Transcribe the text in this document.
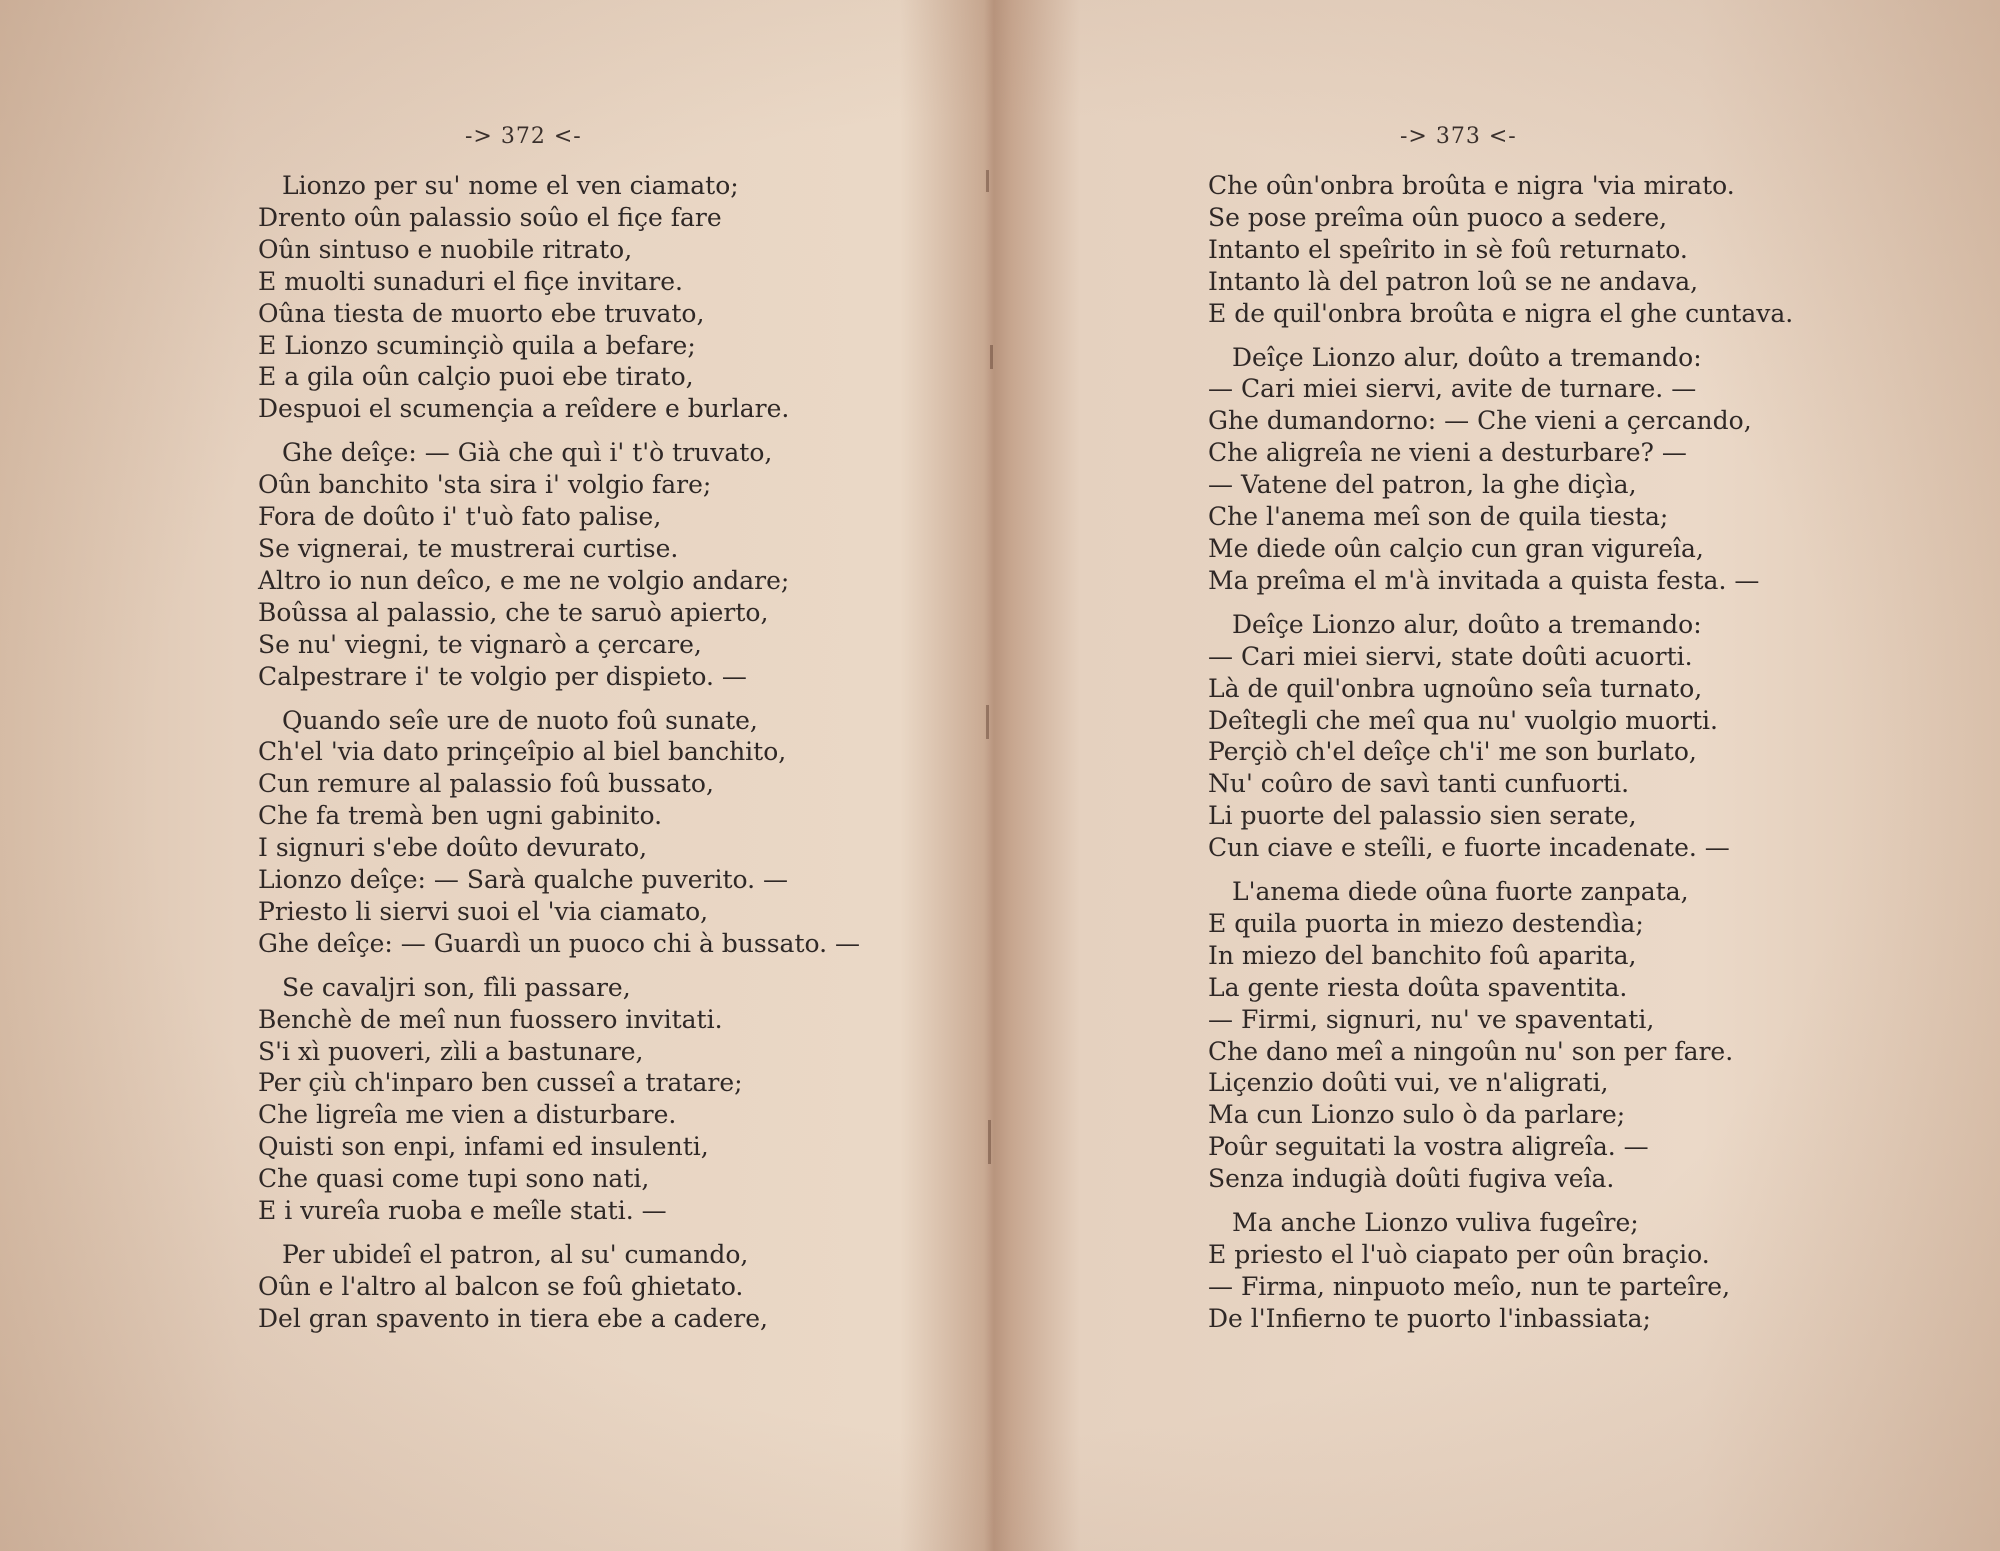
-> 372 <-
Lionzo per su' nome el ven ciamato;
Drento oûn palassio soûo el fiçe fare
Oûn sintuso e nuobile ritrato,
E muolti sunaduri el fiçe invitare.
Oûna tiesta de muorto ebe truvato,
E Lionzo scuminçiò quila a befare;
E a gila oûn calçio puoi ebe tirato,
Despuoi el scumençia a reîdere e burlare.
Ghe deîçe: — Già che quì i' t'ò truvato,
Oûn banchito 'sta sira i' volgio fare;
Fora de doûto i' t'uò fato palise,
Se vignerai, te mustrerai curtise.
Altro io nun deîco, e me ne volgio andare;
Boûssa al palassio, che te saruò apierto,
Se nu' viegni, te vignarò a çercare,
Calpestrare i' te volgio per dispieto. —
Quando seîe ure de nuoto foû sunate,
Ch'el 'via dato prinçeîpio al biel banchito,
Cun remure al palassio foû bussato,
Che fa tremà ben ugni gabinito.
I signuri s'ebe doûto devurato,
Lionzo deîçe: — Sarà qualche puverito. —
Priesto li siervi suoi el 'via ciamato,
Ghe deîçe: — Guardì un puoco chi à bussato. —
Se cavaljri son, fìli passare,
Benchè de meî nun fuossero invitati.
S'i xì puoveri, zìli a bastunare,
Per çiù ch'inparo ben cusseî a tratare;
Che ligreîa me vien a disturbare.
Quisti son enpi, infami ed insulenti,
Che quasi come tupi sono nati,
E i vureîa ruoba e meîle stati. —
Per ubideî el patron, al su' cumando,
Oûn e l'altro al balcon se foû ghietato.
Del gran spavento in tiera ebe a cadere,
-> 373 <-
Che oûn'onbra broûta e nigra 'via mirato.
Se pose preîma oûn puoco a sedere,
Intanto el speîrito in sè foû returnato.
Intanto là del patron loû se ne andava,
E de quil'onbra broûta e nigra el ghe cuntava.
Deîçe Lionzo alur, doûto a tremando:
— Cari miei siervi, avite de turnare. —
Ghe dumandorno: — Che vieni a çercando,
Che aligreîa ne vieni a desturbare? —
— Vatene del patron, la ghe diçìa,
Che l'anema meî son de quila tiesta;
Me diede oûn calçio cun gran vigureîa,
Ma preîma el m'à invitada a quista festa. —
Deîçe Lionzo alur, doûto a tremando:
— Cari miei siervi, state doûti acuorti.
Là de quil'onbra ugnoûno seîa turnato,
Deîtegli che meî qua nu' vuolgio muorti.
Perçiò ch'el deîçe ch'i' me son burlato,
Nu' coûro de savì tanti cunfuorti.
Li puorte del palassio sien serate,
Cun ciave e steîli, e fuorte incadenate. —
L'anema diede oûna fuorte zanpata,
E quila puorta in miezo destendìa;
In miezo del banchito foû aparita,
La gente riesta doûta spaventita.
— Firmi, signuri, nu' ve spaventati,
Che dano meî a ningoûn nu' son per fare.
Liçenzio doûti vui, ve n'aligrati,
Ma cun Lionzo sulo ò da parlare;
Poûr seguitati la vostra aligreîa. —
Senza indugià doûti fugiva veîa.
Ma anche Lionzo vuliva fugeîre;
E priesto el l'uò ciapato per oûn braçio.
— Firma, ninpuoto meîo, nun te parteîre,
De l'Infierno te puorto l'inbassiata;
